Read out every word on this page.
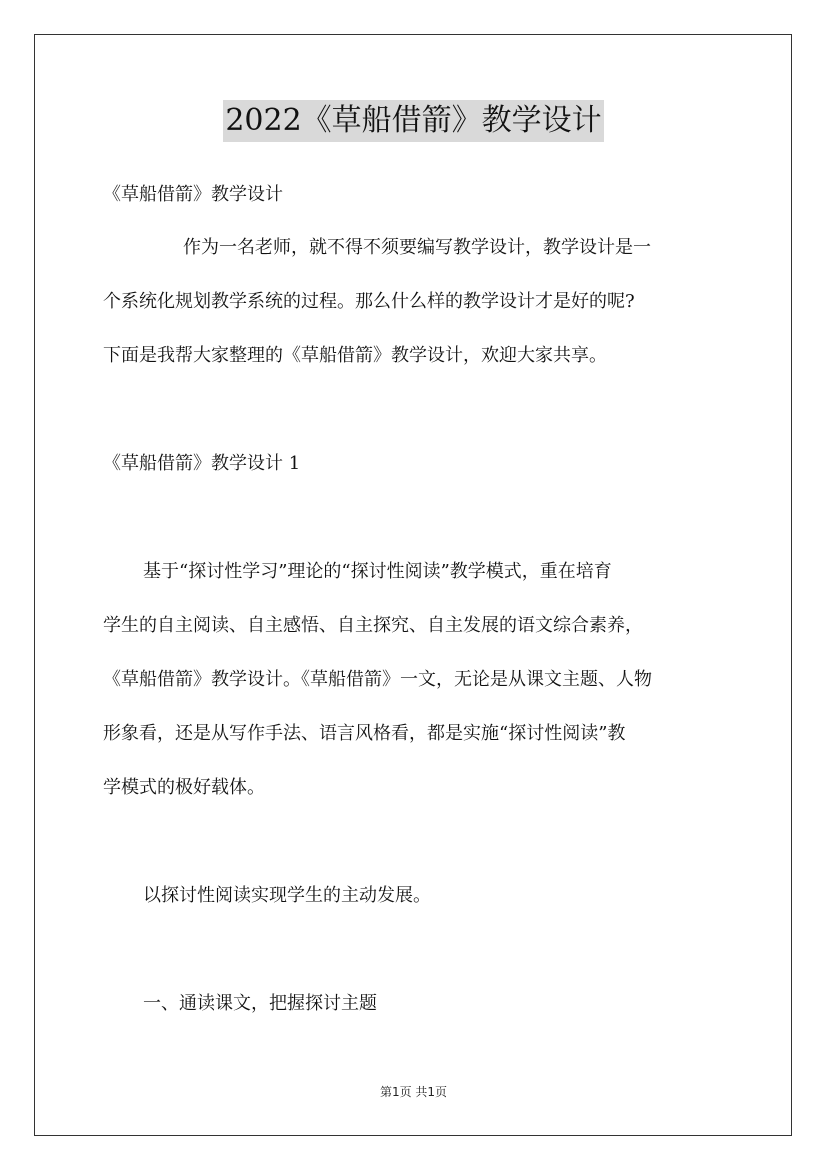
2022《草船借箭》教学设计
《草船借箭》教学设计
作为一名老师，就不得不须要编写教学设计，教学设计是一
个系统化规划教学系统的过程。那么什么样的教学设计才是好的呢?
下面是我帮大家整理的《草船借箭》教学设计，欢迎大家共享。
《草船借箭》教学设计 1
基于“探讨性学习”理论的“探讨性阅读”教学模式，重在培育
学生的自主阅读、自主感悟、自主探究、自主发展的语文综合素养，
《草船借箭》教学设计。《草船借箭》一文，无论是从课文主题、人物
形象看，还是从写作手法、语言风格看，都是实施“探讨性阅读”教
学模式的极好载体。
以探讨性阅读实现学生的主动发展。
一、通读课文，把握探讨主题
第1页 共1页
